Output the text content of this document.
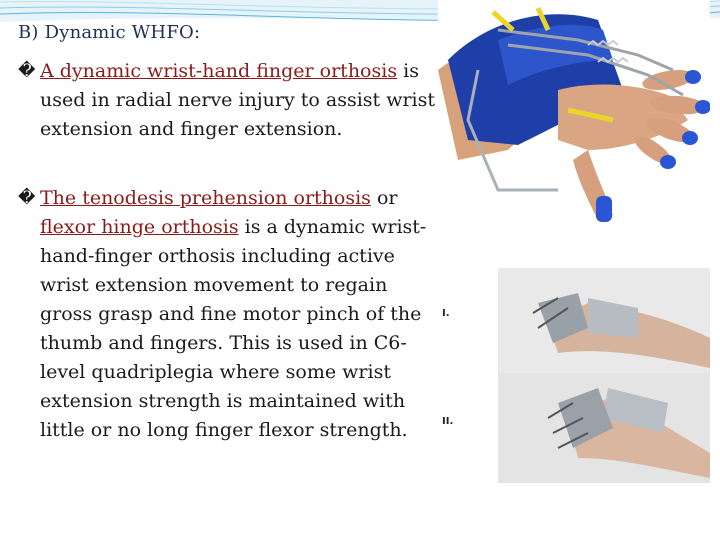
B) Dynamic WHFO:
� A dynamic wrist-hand finger orthosis is used in radial nerve injury to assist wrist extension and finger extension.
� The tenodesis prehension orthosis or flexor hinge orthosis is a dynamic wrist-hand-finger orthosis including active wrist extension movement to regain gross grasp and fine motor pinch of the thumb and fingers. This is used in C6-level quadriplegia where some wrist extension strength is maintained with little or no long finger flexor strength.
I.
II.
